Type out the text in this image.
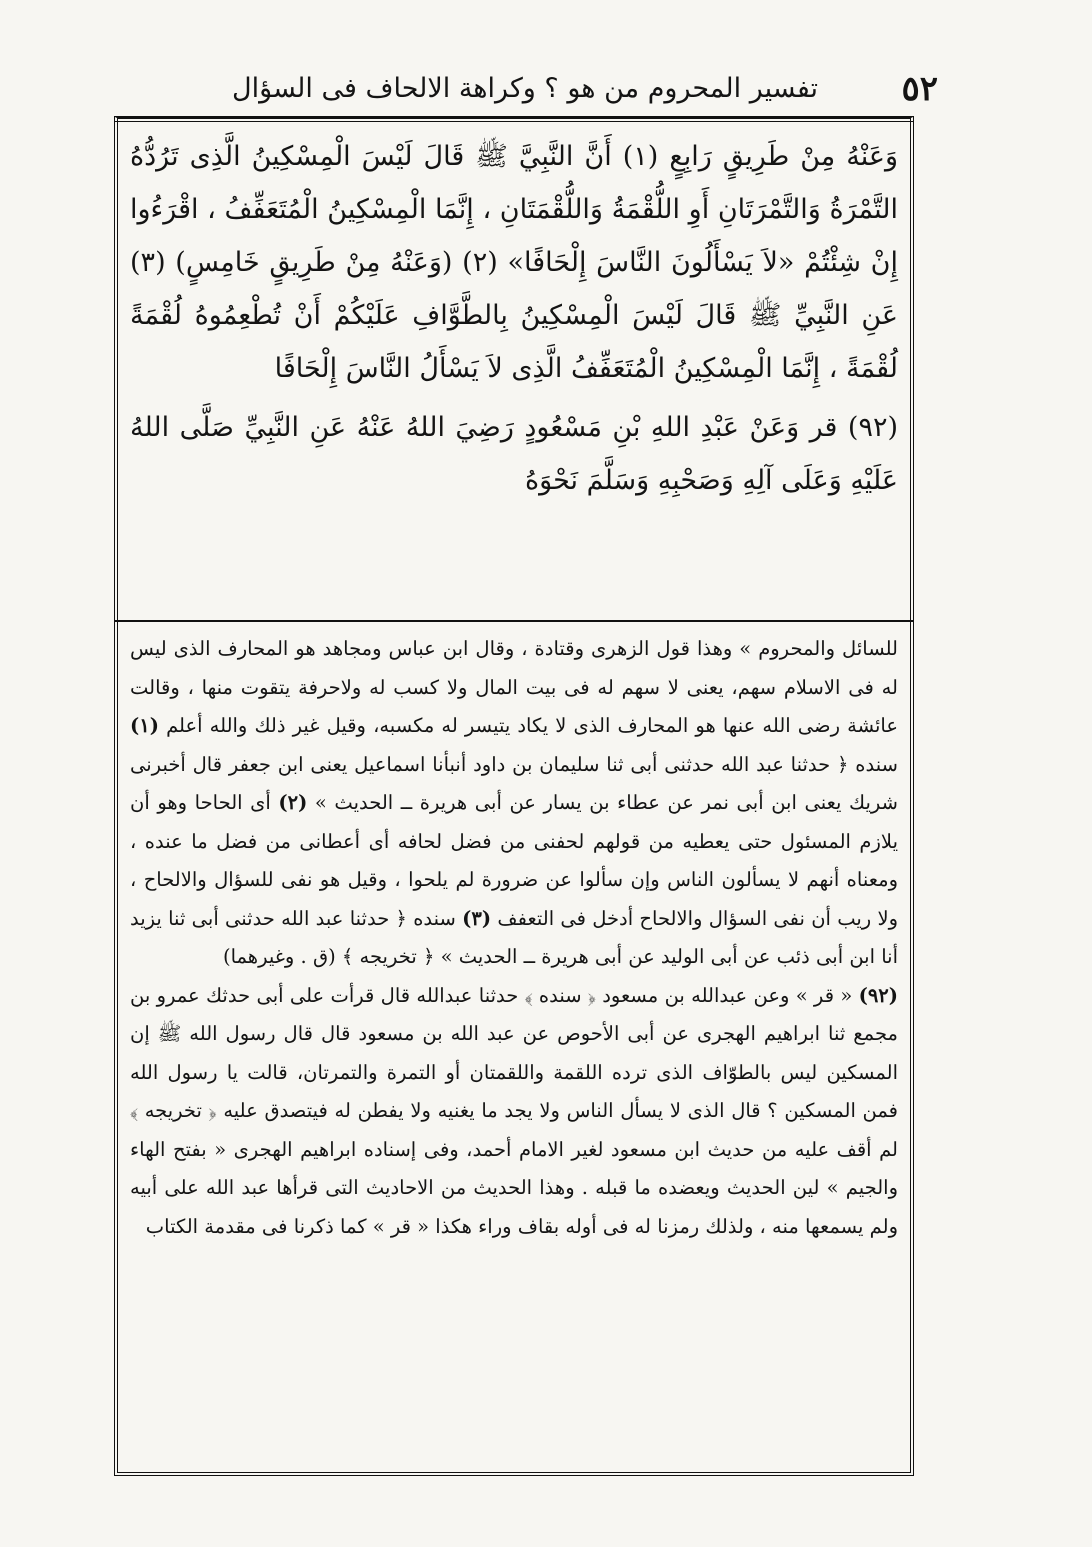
٥٢
تفسير المحروم من هو ؟ وكراهة الالحاف فى السؤال

وَعَنْهُ مِنْ طَرِيقٍ رَابِعٍ (١) أَنَّ النَّبِيَّ ﷺ قَالَ لَيْسَ الْمِسْكِينُ الَّذِى تَرُدُّهُ التَّمْرَةُ وَالتَّمْرَتَانِ أَوِ اللُّقْمَةُ وَاللُّقْمَتَانِ ، إِنَّمَا الْمِسْكِينُ الْمُتَعَفِّفُ ، اقْرَءُوا إِنْ شِئْتُمْ «لاَ يَسْأَلُونَ النَّاسَ إِلْحَافًا» (٢) (وَعَنْهُ مِنْ طَرِيقٍ خَامِسٍ) (٣) عَنِ النَّبِيِّ ﷺ قَالَ لَيْسَ الْمِسْكِينُ بِالطَّوَّافِ عَلَيْكُمْ أَنْ تُطْعِمُوهُ لُقْمَةً لُقْمَةً ، إِنَّمَا الْمِسْكِينُ الْمُتَعَفِّفُ الَّذِى لاَ يَسْأَلُ النَّاسَ إِلْحَافًا

(٩٢) قر وَعَنْ عَبْدِ اللهِ بْنِ مَسْعُودٍ رَضِيَ اللهُ عَنْهُ عَنِ النَّبِيِّ صَلَّى اللهُ عَلَيْهِ وَعَلَى آلِهِ وَصَحْبِهِ وَسَلَّمَ نَحْوَهُ

للسائل والمحروم » وهذا قول الزهرى وقتادة ، وقال ابن عباس ومجاهد هو المحارف الذى ليس له فى الاسلام سهم، يعنى لا سهم له فى بيت المال ولا كسب له ولاحرفة يتقوت منها ، وقالت عائشة رضى الله عنها هو المحارف الذى لا يكاد يتيسر له مكسبه، وقيل غير ذلك والله أعلم (١) سنده ﴿ حدثنا عبد الله حدثنى أبى ثنا سليمان بن داود أنبأنا اسماعيل يعنى ابن جعفر قال أخبرنى شريك يعنى ابن أبى نمر عن عطاء بن يسار عن أبى هريرة ــ الحديث » (٢) أى الحاحا وهو أن يلازم المسئول حتى يعطيه من قولهم لحفنى من فضل لحافه أى أعطانى من فضل ما عنده ، ومعناه أنهم لا يسألون الناس وإن سألوا عن ضرورة لم يلحوا ، وقيل هو نفى للسؤال والالحاح ، ولا ريب أن نفى السؤال والالحاح أدخل فى التعفف (٣) سنده ﴿ حدثنا عبد الله حدثنى أبى ثنا يزيد أنا ابن أبى ذئب عن أبى الوليد عن أبى هريرة ــ الحديث » ﴿ تخريجه ﴾ (ق . وغيرهما)

(٩٢) « قر » وعن عبدالله بن مسعود ﴿ سنده ﴾ حدثنا عبدالله قال قرأت على أبى حدثك عمرو بن مجمع ثنا ابراهيم الهجرى عن أبى الأحوص عن عبد الله بن مسعود قال قال رسول الله ﷺ إن المسكين ليس بالطوّاف الذى ترده اللقمة واللقمتان أو التمرة والتمرتان، قالت يا رسول الله فمن المسكين ؟ قال الذى لا يسأل الناس ولا يجد ما يغنيه ولا يفطن له فيتصدق عليه ﴿ تخريجه ﴾ لم أقف عليه من حديث ابن مسعود لغير الامام أحمد، وفى إسناده ابراهيم الهجرى « بفتح الهاء والجيم » لين الحديث ويعضده ما قبله . وهذا الحديث من الاحاديث التى قرأها عبد الله على أبيه ولم يسمعها منه ، ولذلك رمزنا له فى أوله بقاف وراء هكذا « قر » كما ذكرنا فى مقدمة الكتاب
